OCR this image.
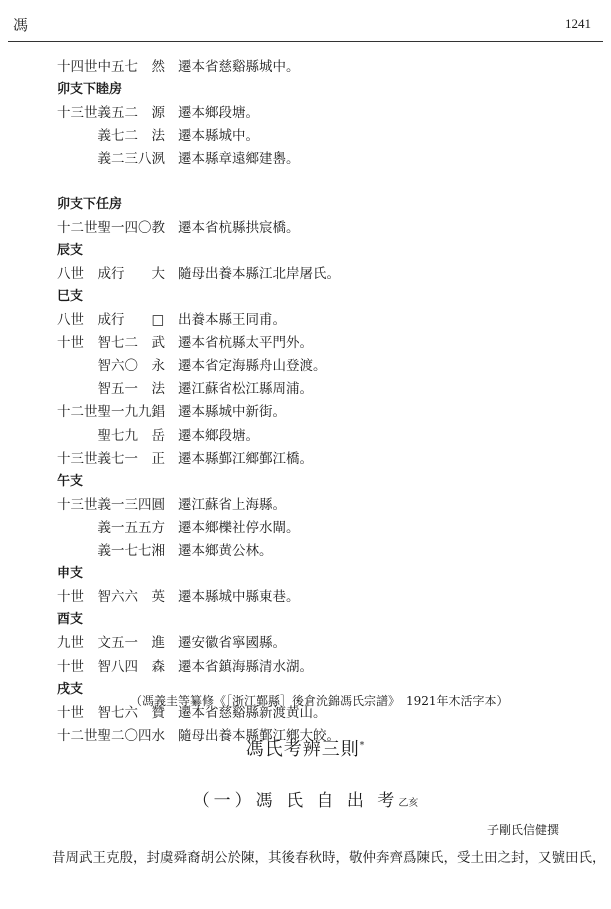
馮	1241
十四世中五七　然 遷本省慈谿縣城中。
卯支下睦房
十三世義五二　源 遷本鄉段塘。
　　　義七二　法 遷本縣城中。
　　　義二三八洬 遷本縣章遠鄉建嶴。
卯支下任房
十二世聖一四〇教 遷本省杭縣拱宸橋。
辰支
八世　成行　　大 隨母出養本縣江北岸屠氏。
巳支
八世　成行　　□ 出養本縣王同甫。
十世　智七二　武 遷本省杭縣太平門外。
　　　智六〇　永 遷本省定海縣舟山登渡。
　　　智五一　法 遷江蘇省松江縣周浦。
十二世聖一九九錩 遷本縣城中新街。
　　　聖七九　岳 遷本鄉段塘。
十三世義七一　正 遷本縣鄞江鄉鄞江橋。
午支
十三世義一三四圓 遷江蘇省上海縣。
　　　義一五五方 遷本鄉櫟社停水閘。
　　　義一七七湘 遷本鄉黄公林。
申支
十世　智六六　英 遷本縣城中縣東巷。
酉支
九世　文五一　進 遷安徽省寧國縣。
十世　智八四　森 遷本省鎮海縣清水湖。
戌支
十世　智七六　贊 遷本省慈谿縣新渡黄山。
十二世聖二〇四水 隨母出養本縣鄞江鄉大皎。
（馮義圭等纂修《［浙江鄞縣］後倉沇錦馮氏宗譜》　1921年木活字本）
馮氏考辨三則*
（一）馮 氏 自 出 考乙亥
子剛氏信健撰
昔周武王克殷，封虞舜裔胡公於陳，其後春秋時，敬仲奔齊爲陳氏，受土田之封，又號田氏，
